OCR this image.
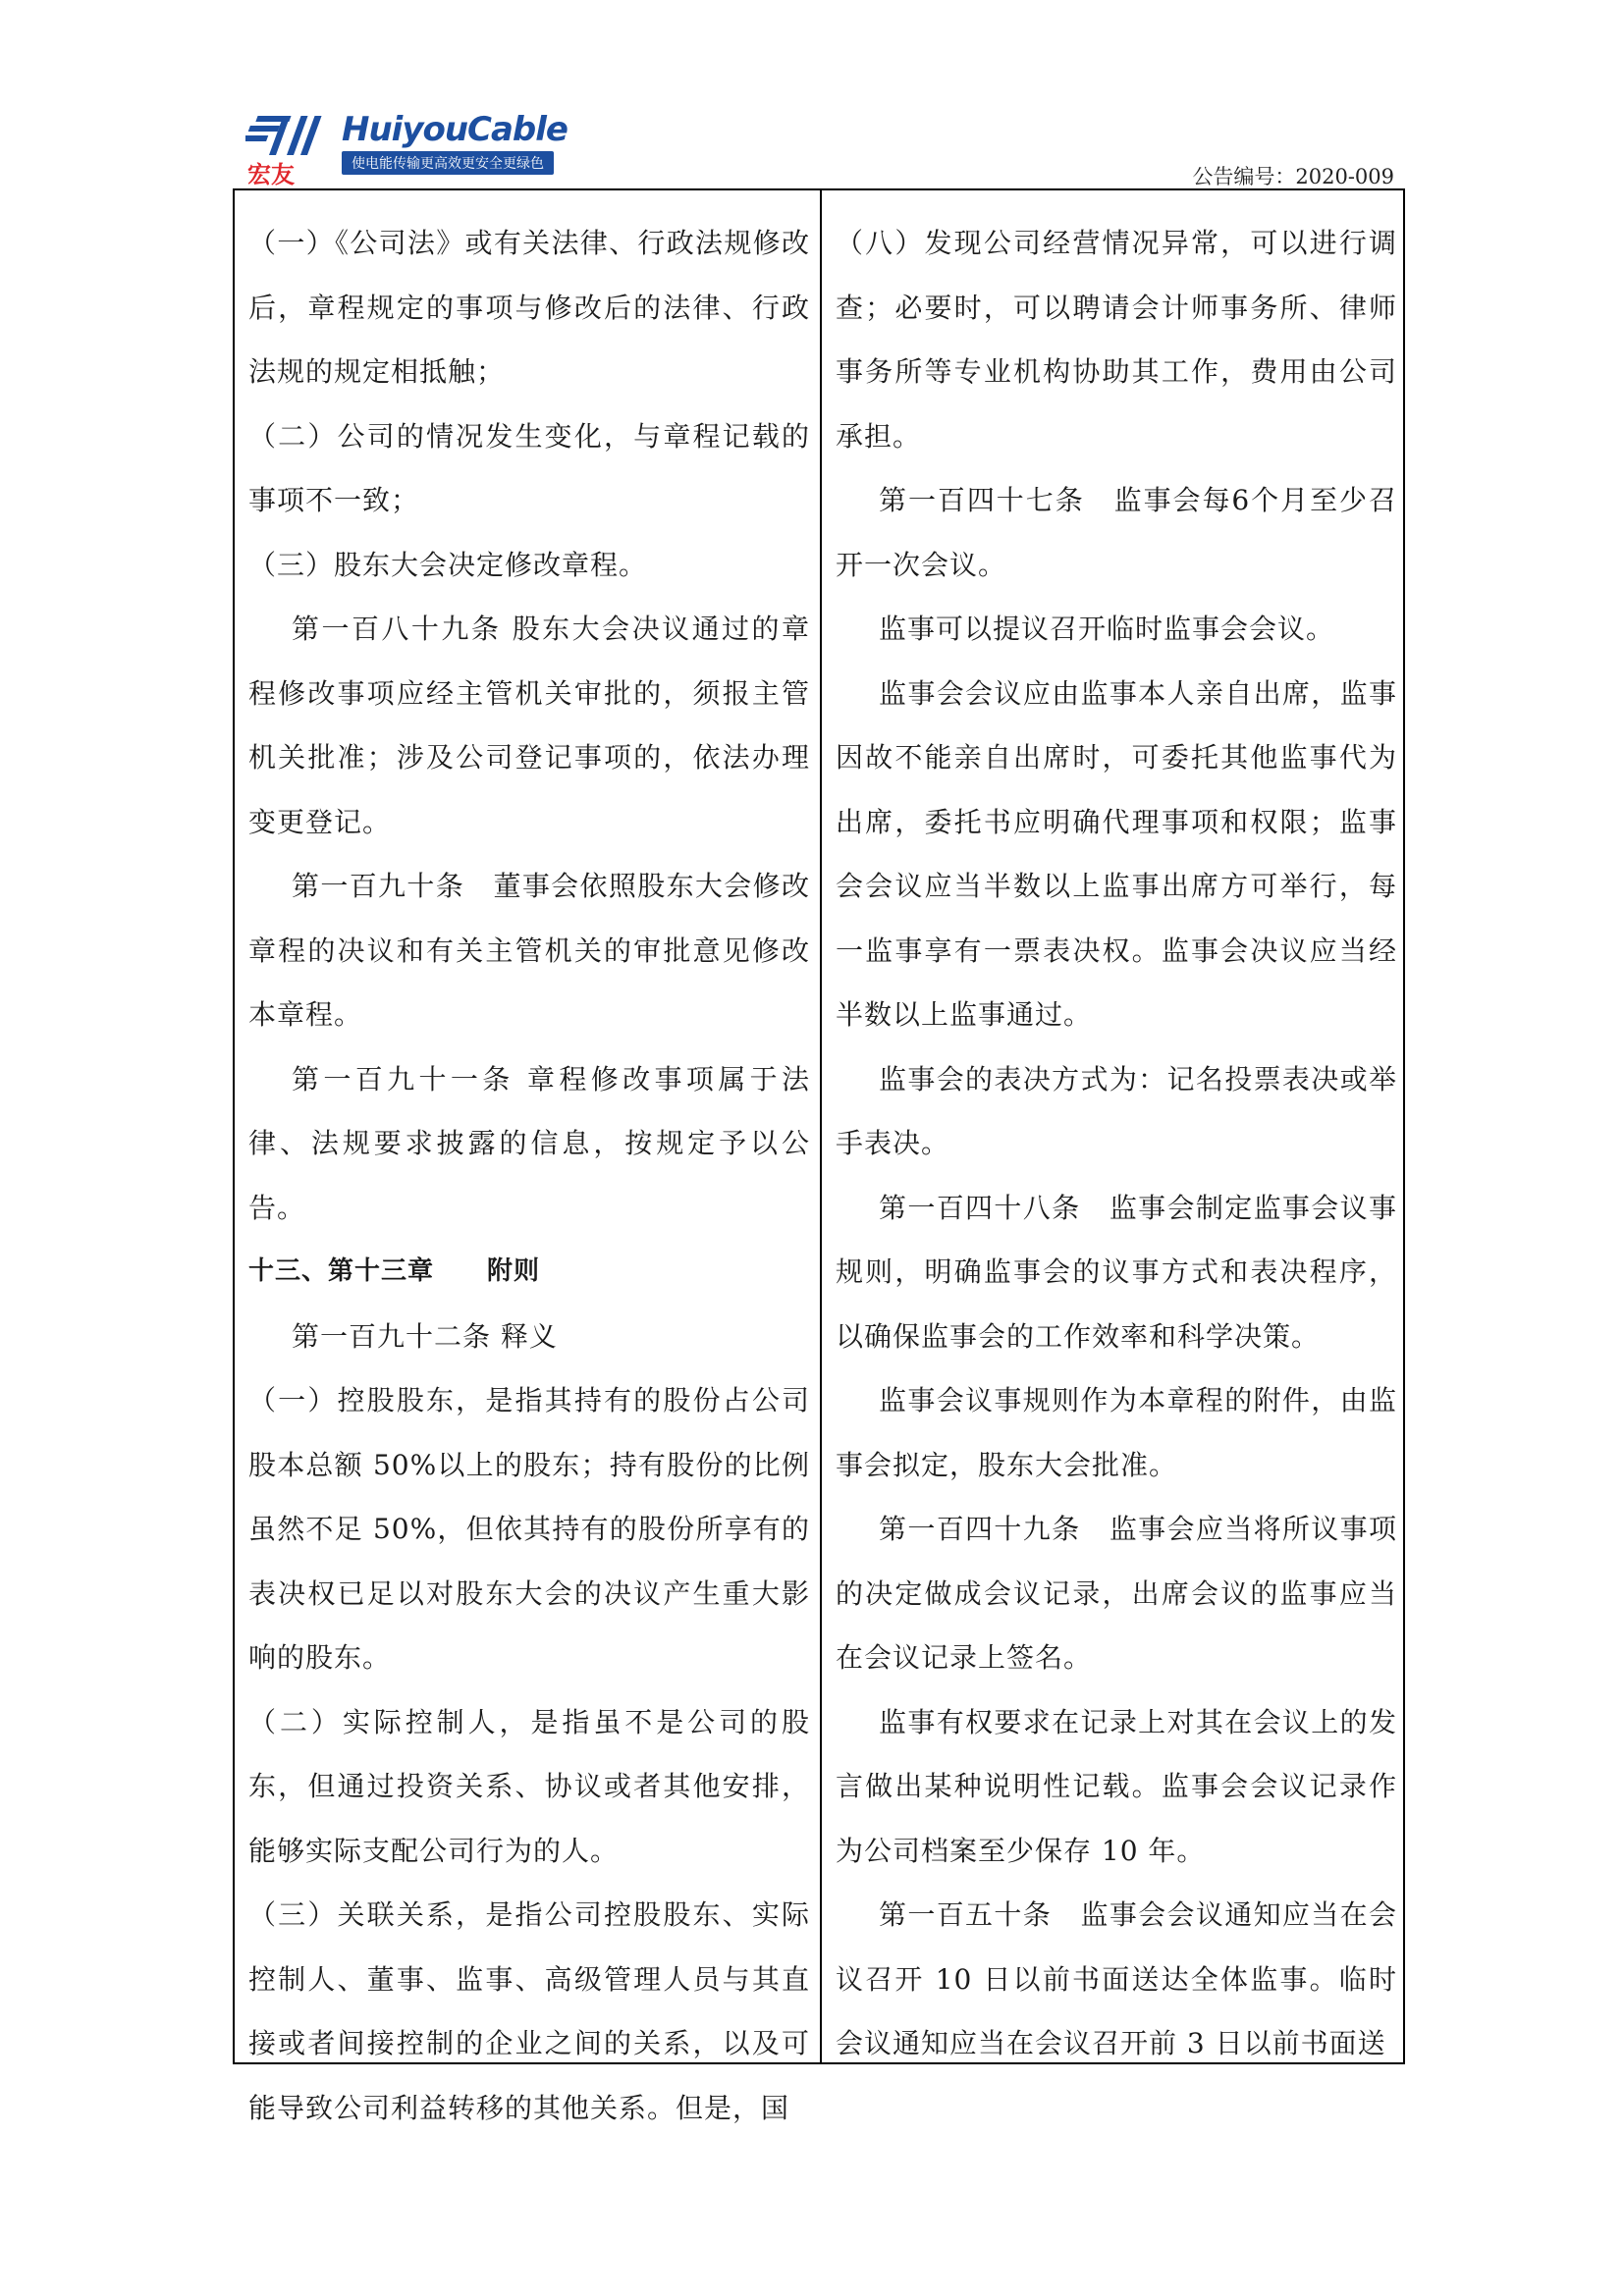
宏友
HuiyouCable
使电能传输更高效更安全更绿色
公告编号：2020-009

（一）《公司法》或有关法律、行政法规修改后，章程规定的事项与修改后的法律、行政法规的规定相抵触；

（二）公司的情况发生变化，与章程记载的事项不一致；

（三）股东大会决定修改章程。

第一百八十九条 股东大会决议通过的章程修改事项应经主管机关审批的，须报主管机关批准；涉及公司登记事项的，依法办理变更登记。

第一百九十条　董事会依照股东大会修改章程的决议和有关主管机关的审批意见修改本章程。

第一百九十一条 章程修改事项属于法律、法规要求披露的信息，按规定予以公告。

十三、第十三章　　附则

第一百九十二条 释义

（一）控股股东，是指其持有的股份占公司股本总额 50%以上的股东；持有股份的比例虽然不足 50%，但依其持有的股份所享有的表决权已足以对股东大会的决议产生重大影响的股东。

（二）实际控制人，是指虽不是公司的股东，但通过投资关系、协议或者其他安排，能够实际支配公司行为的人。

（三）关联关系，是指公司控股股东、实际控制人、董事、监事、高级管理人员与其直接或者间接控制的企业之间的关系，以及可能导致公司利益转移的其他关系。但是，国

（八）发现公司经营情况异常，可以进行调查；必要时，可以聘请会计师事务所、律师事务所等专业机构协助其工作，费用由公司承担。

第一百四十七条　监事会每6个月至少召开一次会议。

监事可以提议召开临时监事会会议。

监事会会议应由监事本人亲自出席，监事因故不能亲自出席时，可委托其他监事代为出席，委托书应明确代理事项和权限；监事会会议应当半数以上监事出席方可举行，每一监事享有一票表决权。监事会决议应当经半数以上监事通过。

监事会的表决方式为：记名投票表决或举手表决。

第一百四十八条　监事会制定监事会议事规则，明确监事会的议事方式和表决程序，以确保监事会的工作效率和科学决策。

监事会议事规则作为本章程的附件，由监事会拟定，股东大会批准。

第一百四十九条　监事会应当将所议事项的决定做成会议记录，出席会议的监事应当在会议记录上签名。

监事有权要求在记录上对其在会议上的发言做出某种说明性记载。监事会会议记录作为公司档案至少保存 10 年。

第一百五十条　监事会会议通知应当在会议召开 10 日以前书面送达全体监事。临时会议通知应当在会议召开前 3 日以前书面送
